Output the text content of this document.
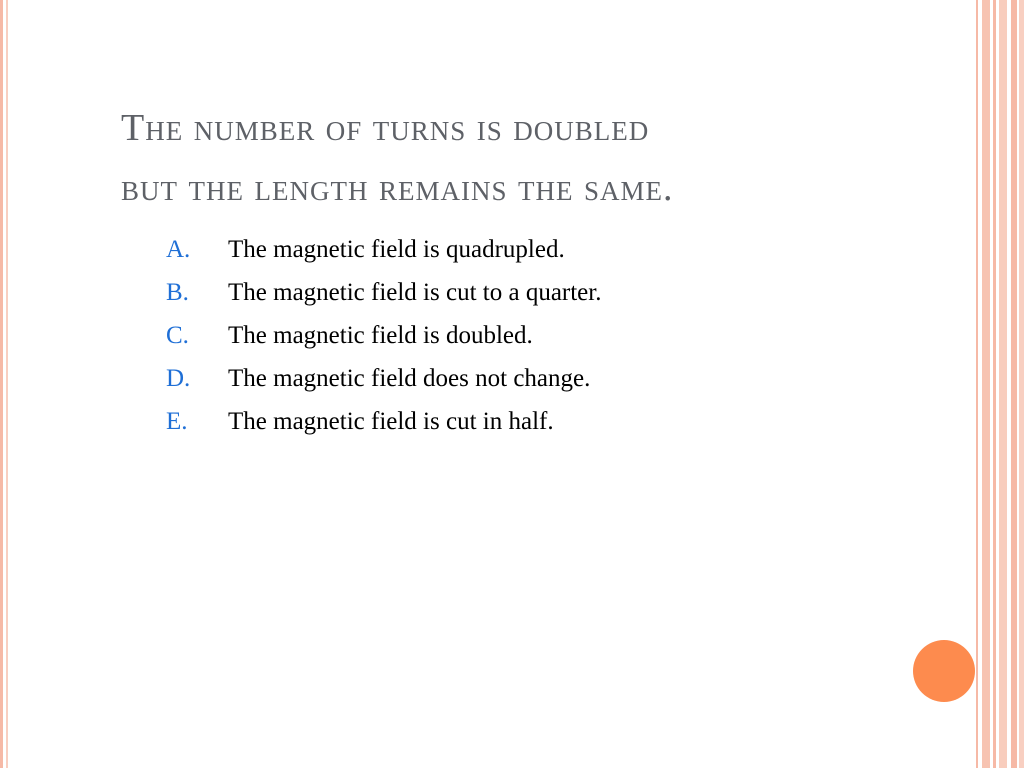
The number of turns is doubled
but the length remains the same.
A.	The magnetic field is quadrupled.
B.	The magnetic field is cut to a quarter.
C.	The magnetic field is doubled.
D.	The magnetic field does not change.
E.	The magnetic field is cut in half.
